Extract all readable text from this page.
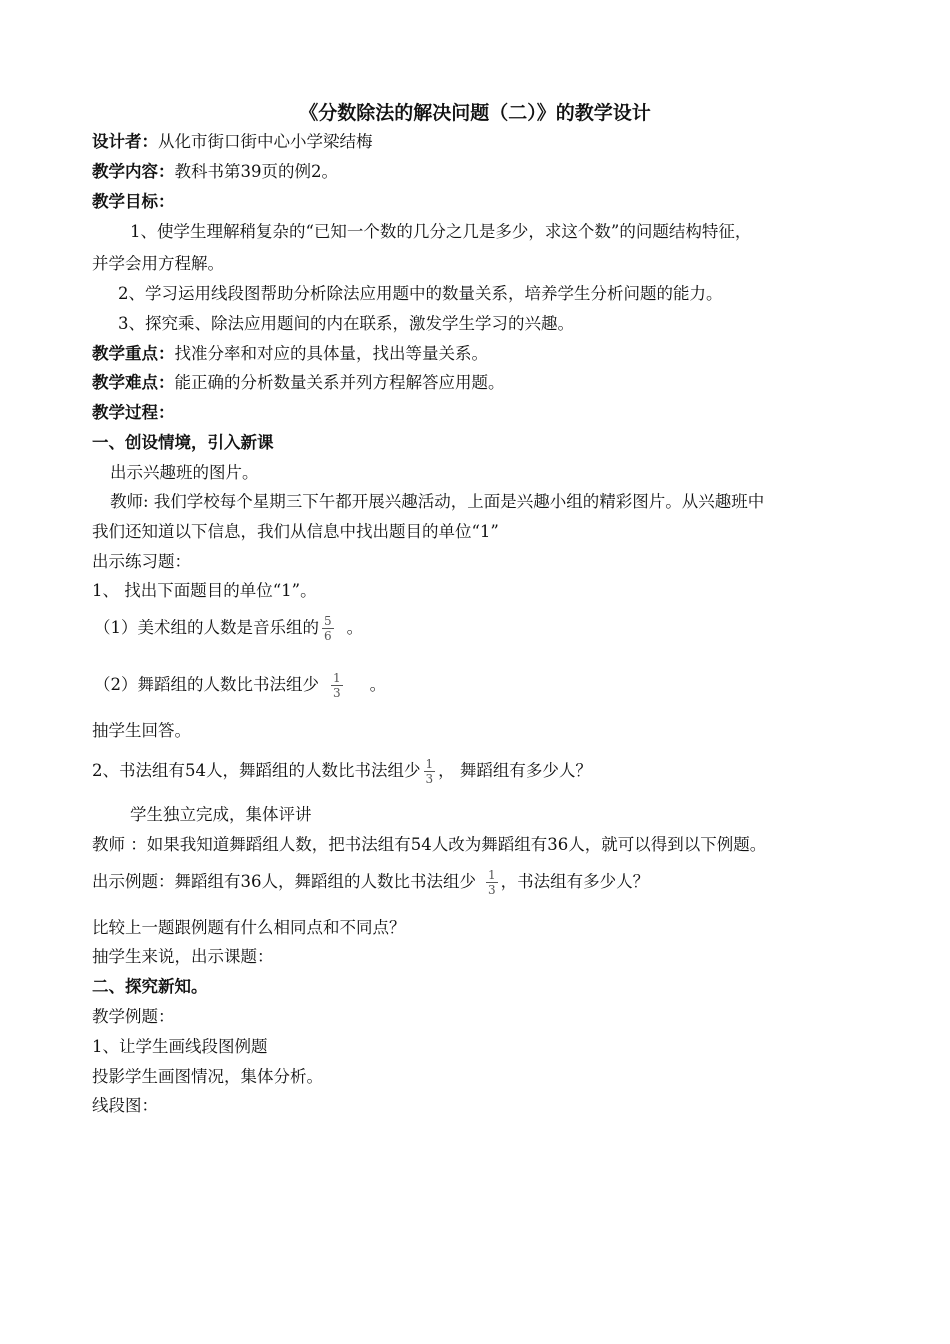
《分数除法的解决问题（二）》的教学设计
设计者：从化市街口街中心小学梁结梅
教学内容：教科书第39页的例2。
教学目标：
1、使学生理解稍复杂的“已知一个数的几分之几是多少，求这个数”的问题结构特征，
并学会用方程解。
2、学习运用线段图帮助分析除法应用题中的数量关系，培养学生分析问题的能力。
3、探究乘、除法应用题间的内在联系，激发学生学习的兴趣。
教学重点：找准分率和对应的具体量，找出等量关系。
教学难点：能正确的分析数量关系并列方程解答应用题。
教学过程：
一、创设情境，引入新课
出示兴趣班的图片。
教师: 我们学校每个星期三下午都开展兴趣活动，上面是兴趣小组的精彩图片。从兴趣班中
我们还知道以下信息，我们从信息中找出题目的单位“1”
出示练习题：
1、 找出下面题目的单位“1”。
（1）美术组的人数是音乐组的 $\frac{5}{6}$ 。
（2）舞蹈组的人数比书法组少 $\frac{1}{3}$ 。
抽学生回答。
2、书法组有54人，舞蹈组的人数比书法组少 $\frac{1}{3}$ ， 舞蹈组有多少人？
学生独立完成，集体评讲
教师 ：如果我知道舞蹈组人数，把书法组有54人改为舞蹈组有36人，就可以得到以下例题。
出示例题：舞蹈组有36人，舞蹈组的人数比书法组少 $\frac{1}{3}$ ，书法组有多少人？
比较上一题跟例题有什么相同点和不同点？
抽学生来说，出示课题：
二、探究新知。
教学例题：
1、让学生画线段图例题
投影学生画图情况，集体分析。
线段图：
